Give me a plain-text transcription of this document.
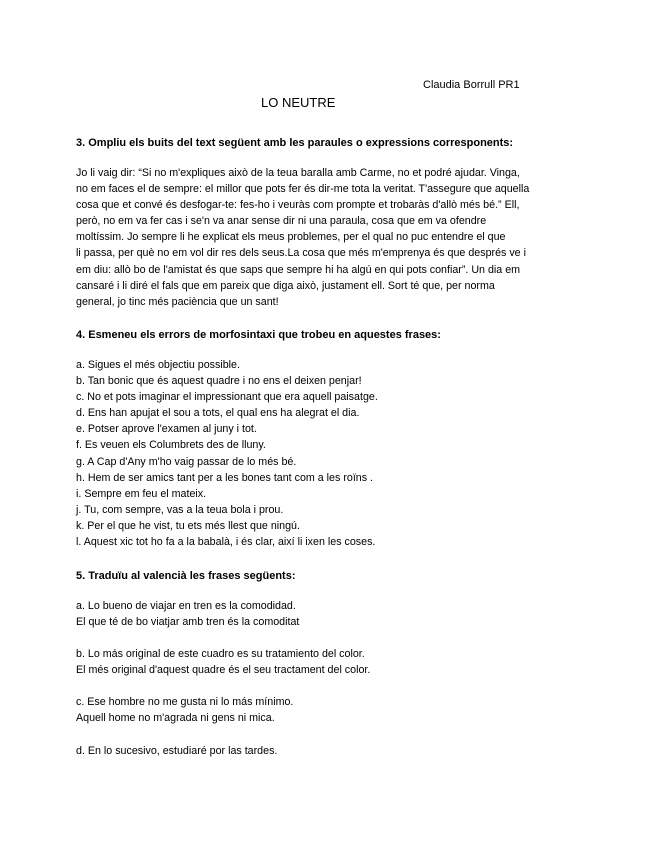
Claudia Borrull PR1
LO NEUTRE

3. Ompliu els buits del text següent amb les paraules o expressions corresponents:

Jo li vaig dir: “Si no m'expliques això de la teua baralla amb Carme, no et podré ajudar. Vinga,

no em faces el de sempre: el millor que pots fer és dir-me tota la veritat. T'assegure que aquella

cosa que et convé és desfogar-te: fes-ho i veuràs com prompte et trobaràs d'allò més bé.” Ell,

però, no em va fer cas i se'n va anar sense dir ni una paraula, cosa que em va ofendre

moltíssim. Jo sempre li he explicat els meus problemes, per el qual no puc entendre el que

li passa, per què no em vol dir res dels seus.La cosa que més m'emprenya és que després ve i

em diu: allò bo de l'amistat és que saps que sempre hi ha algú en qui pots confiar”. Un dia em

cansaré i li diré el fals que em pareix que diga això, justament ell. Sort té que, per norma

general, jo tinc més paciència que un sant!

4. Esmeneu els errors de morfosintaxi que trobeu en aquestes frases:

a. Sigues el més objectiu possible.

b. Tan bonic que és aquest quadre i no ens el deixen penjar!

c. No et pots imaginar el impressionant que era aquell paisatge.

d. Ens han apujat el sou a tots, el qual ens ha alegrat el dia.

e. Potser aprove l'examen al juny i tot.

f. Es veuen els Columbrets des de lluny.

g. A Cap d'Any m'ho vaig passar de lo més bé.

h. Hem de ser amics tant per a les bones tant com a les roïns .

i. Sempre em feu el mateix.

j. Tu, com sempre, vas a la teua bola i prou.

k. Per el que he vist, tu ets més llest que ningú.

l. Aquest xic tot ho fa a la babalà, i és clar, així li ixen les coses.

5. Traduïu al valencià les frases següents:

a. Lo bueno de viajar en tren es la comodidad.

El que té de bo viatjar amb tren és la comoditat

b. Lo más original de este cuadro es su tratamiento del color.

El més original d'aquest quadre és el seu tractament del color.

c. Ese hombre no me gusta ni lo más mínimo.

Aquell home no m'agrada ni gens ni mica.

d. En lo sucesivo, estudiaré por las tardes.
